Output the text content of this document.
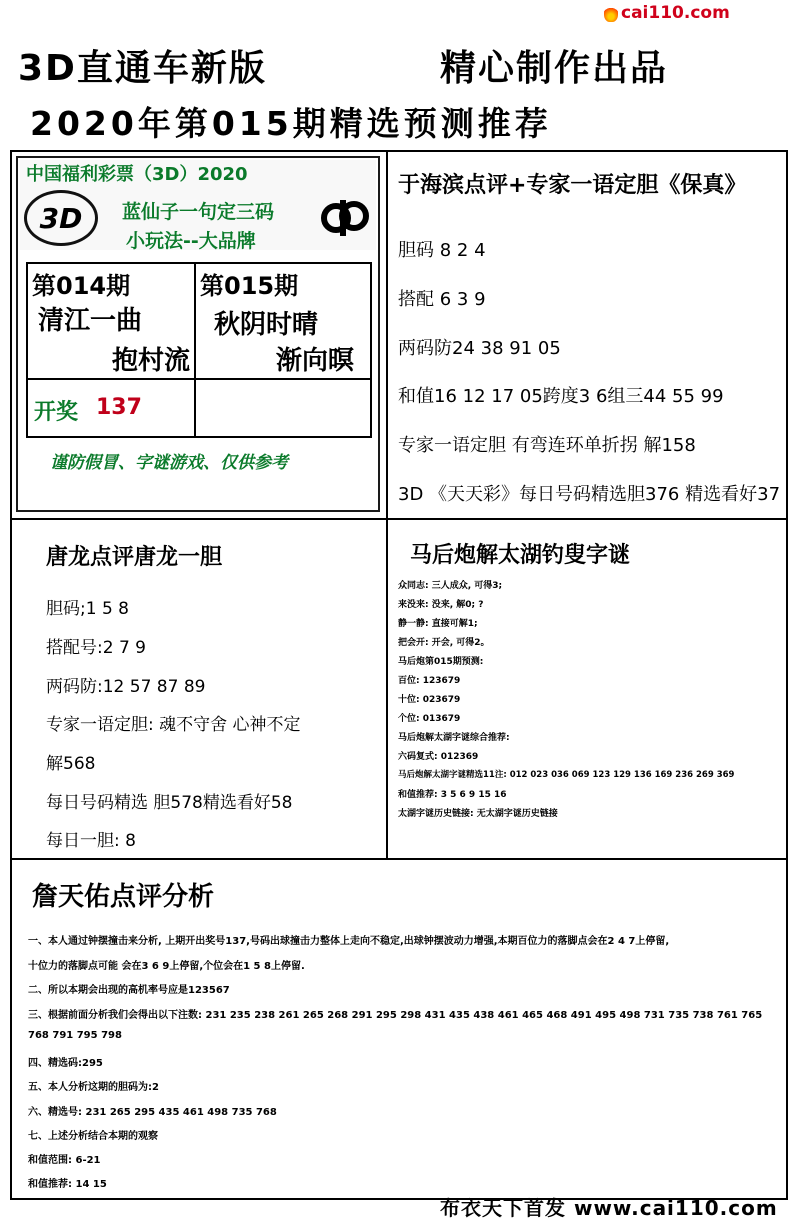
cai110.com
3D直通车新版	精心制作出品
2020年第015期精选预测推荐
中国福利彩票（3D）2020
3D 蓝仙子一句定三码
小玩法--大品牌
第014期
清江一曲
抱村流
第015期
秋阴时晴
渐向暝
开奖 137
谨防假冒、字谜游戏、仅供参考
于海滨点评+专家一语定胆《保真》
胆码 8 2 4
搭配 6 3 9
两码防24 38 91 05
和值16 12 17 05跨度3 6组三44 55 99
专家一语定胆 有弯连环单折拐 解158
3D 《天天彩》每日号码精选胆376 精选看好37
唐龙点评唐龙一胆
胆码;1 5 8
搭配号:2 7 9
两码防:12 57 87 89
专家一语定胆: 魂不守舍 心神不定
解568
每日号码精选 胆578精选看好58
每日一胆: 8
马后炮解太湖钓叟字谜
众同志: 三人成众, 可得3;
来没来: 没来, 解0; ?
静一静: 直接可解1;
把会开: 开会, 可得2。
马后炮第015期预测:
百位: 123679
十位: 023679
个位: 013679
马后炮解太湖字谜综合推荐:
六码复式: 012369
马后炮解太湖字谜精选11注: 012 023 036 069 123 129 136 169 236 269 369
和值推荐: 3 5 6 9 15 16
太湖字谜历史链接: 无太湖字谜历史链接
詹天佑点评分析
一、本人通过钟摆撞击来分析, 上期开出奖号137,号码出球撞击力整体上走向不稳定,出球钟摆波动力增强,本期百位力的落脚点会在2 4 7上停留,
十位力的落脚点可能 会在3 6 9上停留,个位会在1 5 8上停留.
二、所以本期会出现的高机率号应是123567
三、根据前面分析我们会得出以下注数: 231 235 238 261 265 268 291 295 298 431 435 438 461 465 468 491 495 498 731 735 738 761 765
768 791 795 798
四、精选码:295
五、本人分析这期的胆码为:2
六、精选号: 231 265 295 435 461 498 735 768
七、上述分析结合本期的观察
和值范围: 6-21
和值推荐: 14 15
布衣天下首发 www.cai110.com
